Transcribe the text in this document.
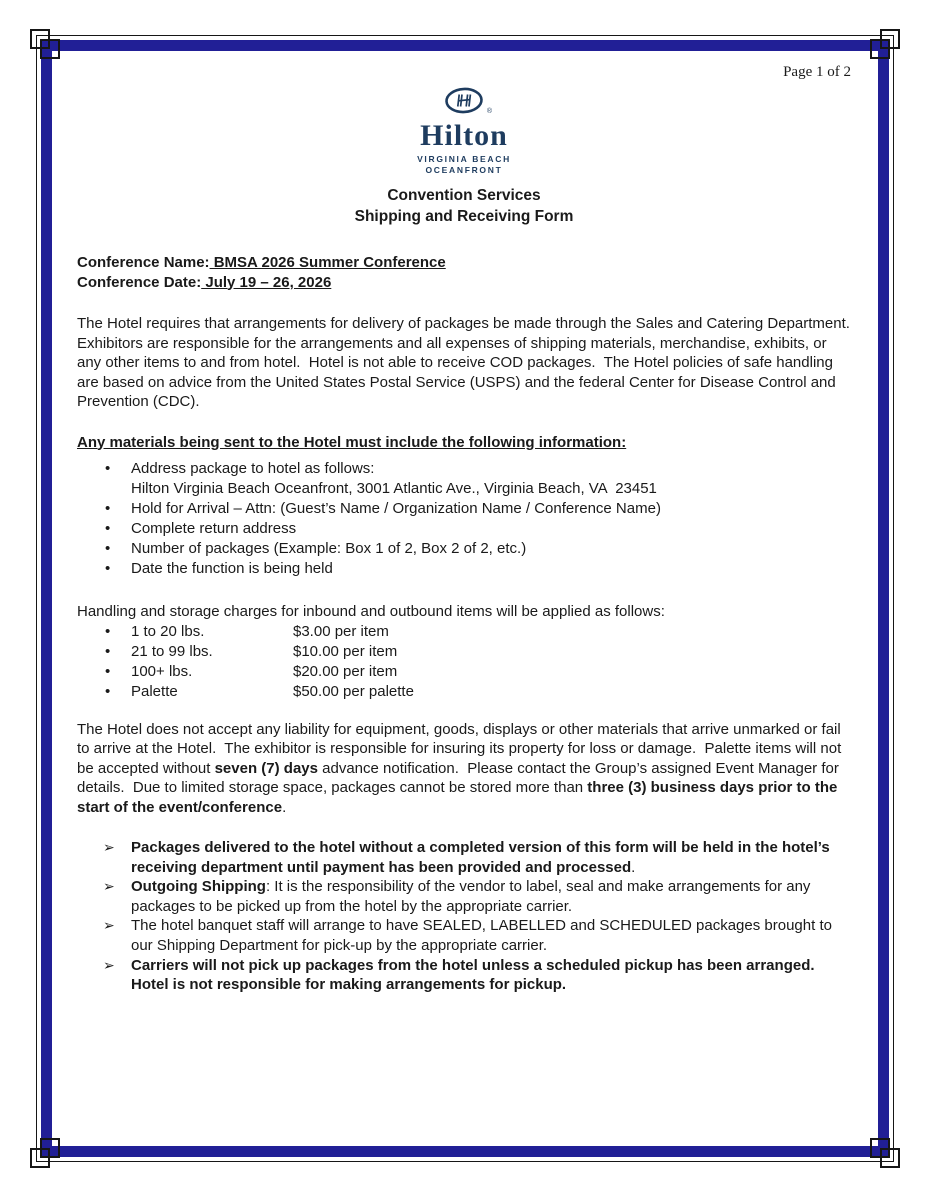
Page 1 of 2
®
Hilton
VIRGINIA BEACH
OCEANFRONT
Convention Services
Shipping and Receiving Form
Conference Name: BMSA 2026 Summer Conference
Conference Date: July 19 – 26, 2026

The Hotel requires that arrangements for delivery of packages be made through the Sales and Catering Department.  Exhibitors are responsible for the arrangements and all expenses of shipping materials, merchandise, exhibits, or any other items to and from hotel.  Hotel is not able to receive COD packages.  The Hotel policies of safe handling are based on advice from the United States Postal Service (USPS) and the federal Center for Disease Control and Prevention (CDC).

Any materials being sent to the Hotel must include the following information:
•	Address package to hotel as follows:
Hilton Virginia Beach Oceanfront, 3001 Atlantic Ave., Virginia Beach, VA  23451
•	Hold for Arrival – Attn: (Guest’s Name / Organization Name / Conference Name)
•	Complete return address
•	Number of packages (Example: Box 1 of 2, Box 2 of 2, etc.)
•	Date the function is being held

Handling and storage charges for inbound and outbound items will be applied as follows:

•	1 to 20 lbs.	$3.00 per item
•	21 to 99 lbs.	$10.00 per item
•	100+ lbs.	$20.00 per item
•	Palette	$50.00 per palette

The Hotel does not accept any liability for equipment, goods, displays or other materials that arrive unmarked or fail to arrive at the Hotel.  The exhibitor is responsible for insuring its property for loss or damage.  Palette items will not be accepted without seven (7) days advance notification.  Please contact the Group’s assigned Event Manager for details.  Due to limited storage space, packages cannot be stored more than three (3) business days prior to the start of the event/conference.

➢	Packages delivered to the hotel without a completed version of this form will be held in the hotel’s receiving department until payment has been provided and processed.
➢	Outgoing Shipping: It is the responsibility of the vendor to label, seal and make arrangements for any packages to be picked up from the hotel by the appropriate carrier.
➢	The hotel banquet staff will arrange to have SEALED, LABELLED and SCHEDULED packages brought to our Shipping Department for pick-up by the appropriate carrier.
➢	Carriers will not pick up packages from the hotel unless a scheduled pickup has been arranged. Hotel is not responsible for making arrangements for pickup.
